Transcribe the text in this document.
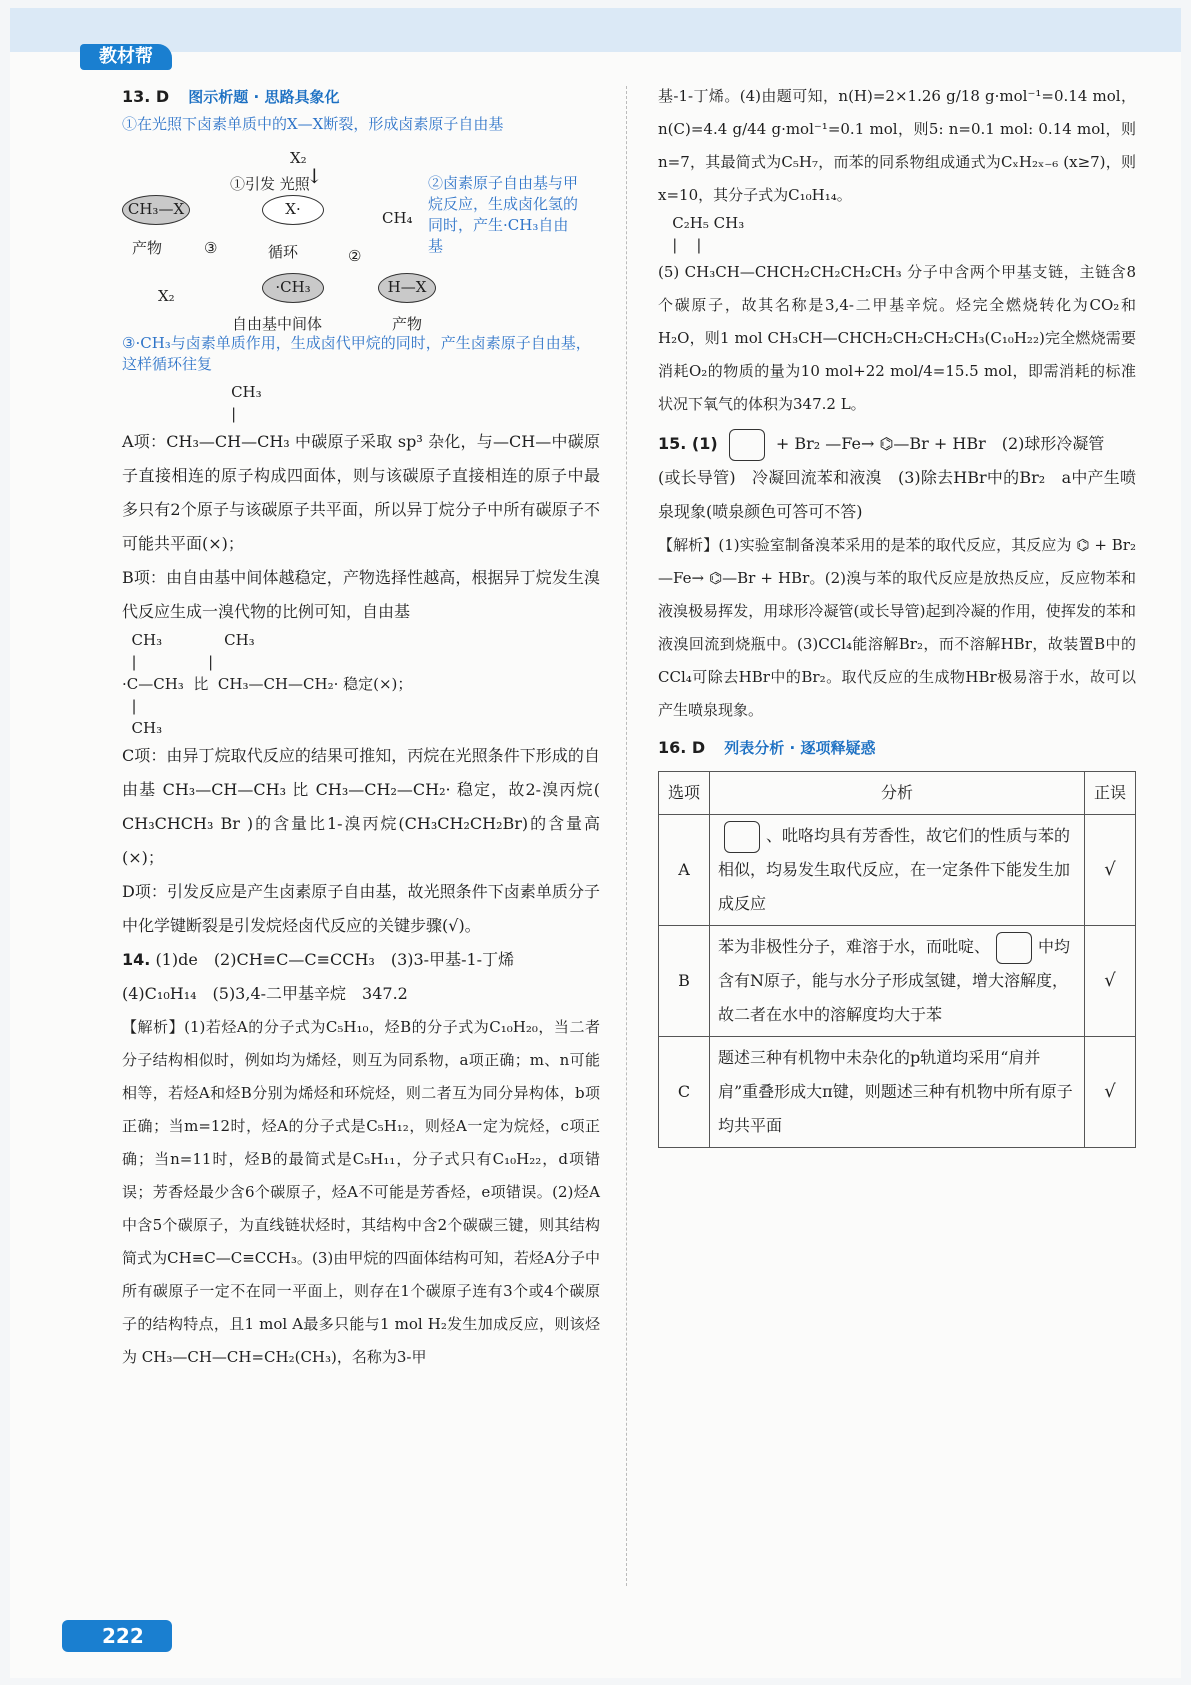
教材帮
13. D 图示析题 · 思路具象化
①在光照下卤素单质中的X—X断裂，形成卤素原子自由基
X₂
①引发 光照
↓
X·
CH₃—X
产物	③	循环	②
CH₄
X₂	·CH₃	H—X
自由基中间体	产物
②卤素原子自由基与甲烷反应，生成卤化氢的同时，产生·CH₃自由基
③·CH₃与卤素单质作用，生成卤代甲烷的同时，产生卤素原子自由基，这样循环往复
CH₃
|
A项：CH₃—CH—CH₃ 中碳原子采取 sp³ 杂化，与—CH—中碳原子直接相连的原子构成四面体，则与该碳原子直接相连的原子中最多只有2个原子与该碳原子共平面，所以异丁烷分子中所有碳原子不可能共平面(×)；
B项：由自由基中间体越稳定，产物选择性越高，根据异丁烷发生溴代反应生成一溴代物的比例可知，自由基
CH₃             CH₃
|               |
·C—CH₃  比  CH₃—CH—CH₂· 稳定(×)；
|
CH₃
C项：由异丁烷取代反应的结果可推知，丙烷在光照条件下形成的自由基 CH₃—CH—CH₃ 比 CH₃—CH₂—CH₂· 稳定，故2-溴丙烷( CH₃CHCH₃ Br )的含量比1-溴丙烷(CH₃CH₂CH₂Br)的含量高(×)；
D项：引发反应是产生卤素原子自由基，故光照条件下卤素单质分子中化学键断裂是引发烷烃卤代反应的关键步骤(√)。
14. (1)de　(2)CH≡C—C≡CCH₃　(3)3-甲基-1-丁烯
(4)C₁₀H₁₄　(5)3,4-二甲基辛烷　347.2
【解析】(1)若烃A的分子式为C₅H₁₀，烃B的分子式为C₁₀H₂₀，当二者分子结构相似时，例如均为烯烃，则互为同系物，a项正确；m、n可能相等，若烃A和烃B分别为烯烃和环烷烃，则二者互为同分异构体，b项正确；当m=12时，烃A的分子式是C₅H₁₂，则烃A一定为烷烃，c项正确；当n=11时，烃B的最简式是C₅H₁₁，分子式只有C₁₀H₂₂，d项错误；芳香烃最少含6个碳原子，烃A不可能是芳香烃，e项错误。(2)烃A中含5个碳原子，为直线链状烃时，其结构中含2个碳碳三键，则其结构简式为CH≡C—C≡CCH₃。(3)由甲烷的四面体结构可知，若烃A分子中所有碳原子一定不在同一平面上，则存在1个碳原子连有3个或4个碳原子的结构特点，且1 mol A最多只能与1 mol H₂发生加成反应，则该烃为 CH₃—CH—CH=CH₂(CH₃)，名称为3-甲
基-1-丁烯。(4)由题可知，n(H)=2×1.26 g/18 g·mol⁻¹=0.14 mol，n(C)=4.4 g/44 g·mol⁻¹=0.1 mol，则5: n=0.1 mol: 0.14 mol，则n=7，其最简式为C₅H₇，而苯的同系物组成通式为CₓH₂ₓ₋₆ (x≥7)，则x=10，其分子式为C₁₀H₁₄。
C₂H₅ CH₃
|    |
(5) CH₃CH—CHCH₂CH₂CH₂CH₃ 分子中含两个甲基支链，主链含8个碳原子，故其名称是3,4-二甲基辛烷。烃完全燃烧转化为CO₂和H₂O，则1 mol CH₃CH—CHCH₂CH₂CH₂CH₃(C₁₀H₂₂)完全燃烧需要消耗O₂的物质的量为10 mol+22 mol/4=15.5 mol，即需消耗的标准状况下氧气的体积为347.2 L。
15. (1)	+ Br₂ —Fe→ ⌬—Br + HBr　(2)球形冷凝管
(或长导管)　冷凝回流苯和液溴　(3)除去HBr中的Br₂　a中产生喷泉现象(喷泉颜色可答可不答)
【解析】(1)实验室制备溴苯采用的是苯的取代反应，其反应为 ⌬ + Br₂ —Fe→ ⌬—Br + HBr。(2)溴与苯的取代反应是放热反应，反应物苯和液溴极易挥发，用球形冷凝管(或长导管)起到冷凝的作用，使挥发的苯和液溴回流到烧瓶中。(3)CCl₄能溶解Br₂，而不溶解HBr，故装置B中的CCl₄可除去HBr中的Br₂。取代反应的生成物HBr极易溶于水，故可以产生喷泉现象。
16. D 列表分析 · 逐项释疑惑
选项	分析	正误
A	、吡咯均具有芳香性，故它们的性质与苯的相似，均易发生取代反应，在一定条件下能发生加成反应	√
B	苯为非极性分子，难溶于水，而吡啶、 中均含有N原子，能与水分子形成氢键，增大溶解度，故二者在水中的溶解度均大于苯	√
C	题述三种有机物中未杂化的p轨道均采用“肩并肩”重叠形成大π键，则题述三种有机物中所有原子均共平面	√
222
